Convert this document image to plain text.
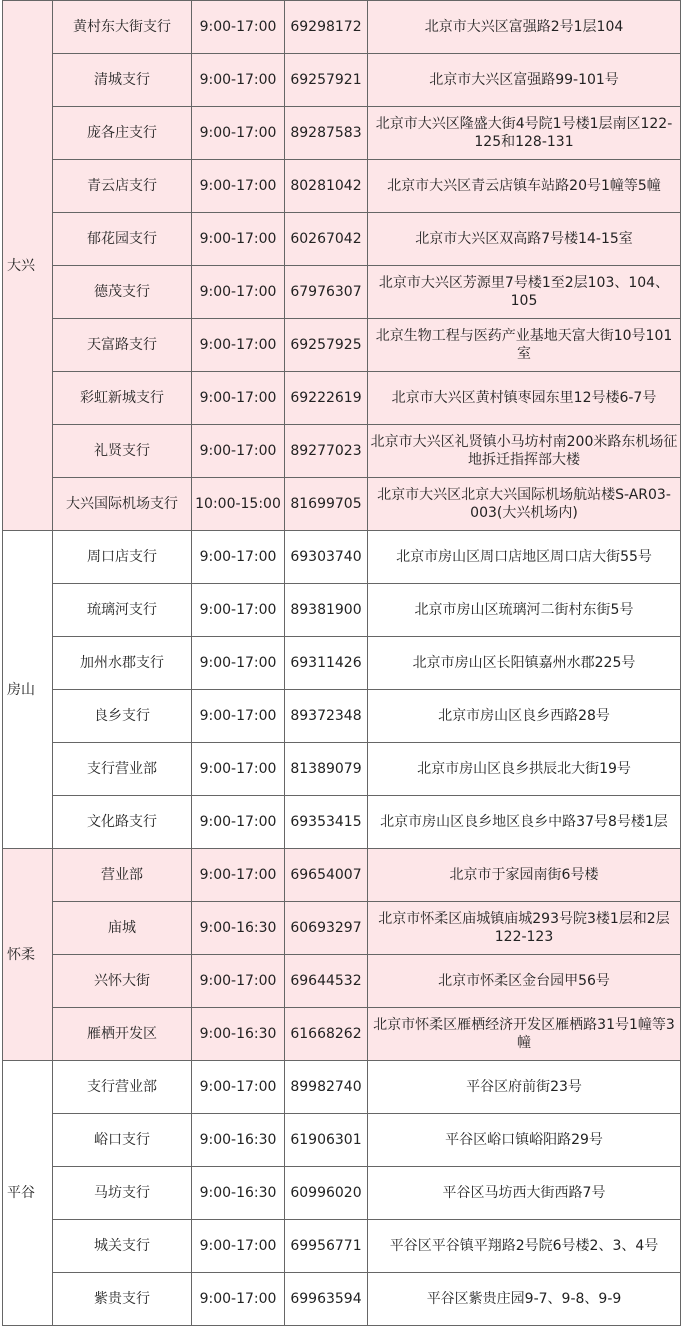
大兴	黄村东大街支行	9:00-17:00	69298172	北京市大兴区富强路2号1层104
	清城支行	9:00-17:00	69257921	北京市大兴区富强路99-101号
	庞各庄支行	9:00-17:00	89287583	北京市大兴区隆盛大街4号院1号楼1层南区122-125和128-131
	青云店支行	9:00-17:00	80281042	北京市大兴区青云店镇车站路20号1幢等5幢
	郁花园支行	9:00-17:00	60267042	北京市大兴区双高路7号楼14-15室
	德茂支行	9:00-17:00	67976307	北京市大兴区芳源里7号楼1至2层103、104、105
	天富路支行	9:00-17:00	69257925	北京生物工程与医药产业基地天富大街10号101室
	彩虹新城支行	9:00-17:00	69222619	北京市大兴区黄村镇枣园东里12号楼6-7号
	礼贤支行	9:00-17:00	89277023	北京市大兴区礼贤镇小马坊村南200米路东机场征地拆迁指挥部大楼
	大兴国际机场支行	10:00-15:00	81699705	北京市大兴区北京大兴国际机场航站楼S-AR03-003(大兴机场内)
房山	周口店支行	9:00-17:00	69303740	北京市房山区周口店地区周口店大街55号
	琉璃河支行	9:00-17:00	89381900	北京市房山区琉璃河二街村东街5号
	加州水郡支行	9:00-17:00	69311426	北京市房山区长阳镇嘉州水郡225号
	良乡支行	9:00-17:00	89372348	北京市房山区良乡西路28号
	支行营业部	9:00-17:00	81389079	北京市房山区良乡拱辰北大街19号
	文化路支行	9:00-17:00	69353415	北京市房山区良乡地区良乡中路37号8号楼1层
怀柔	营业部	9:00-17:00	69654007	北京市于家园南街6号楼
	庙城	9:00-16:30	60693297	北京市怀柔区庙城镇庙城293号院3楼1层和2层122-123
	兴怀大街	9:00-17:00	69644532	北京市怀柔区金台园甲56号
	雁栖开发区	9:00-16:30	61668262	北京市怀柔区雁栖经济开发区雁栖路31号1幢等3幢
平谷	支行营业部	9:00-17:00	89982740	平谷区府前街23号
	峪口支行	9:00-16:30	61906301	平谷区峪口镇峪阳路29号
	马坊支行	9:00-16:30	60996020	平谷区马坊西大街西路7号
	城关支行	9:00-17:00	69956771	平谷区平谷镇平翔路2号院6号楼2、3、4号
	紫贵支行	9:00-17:00	69963594	平谷区紫贵庄园9-7、9-8、9-9
